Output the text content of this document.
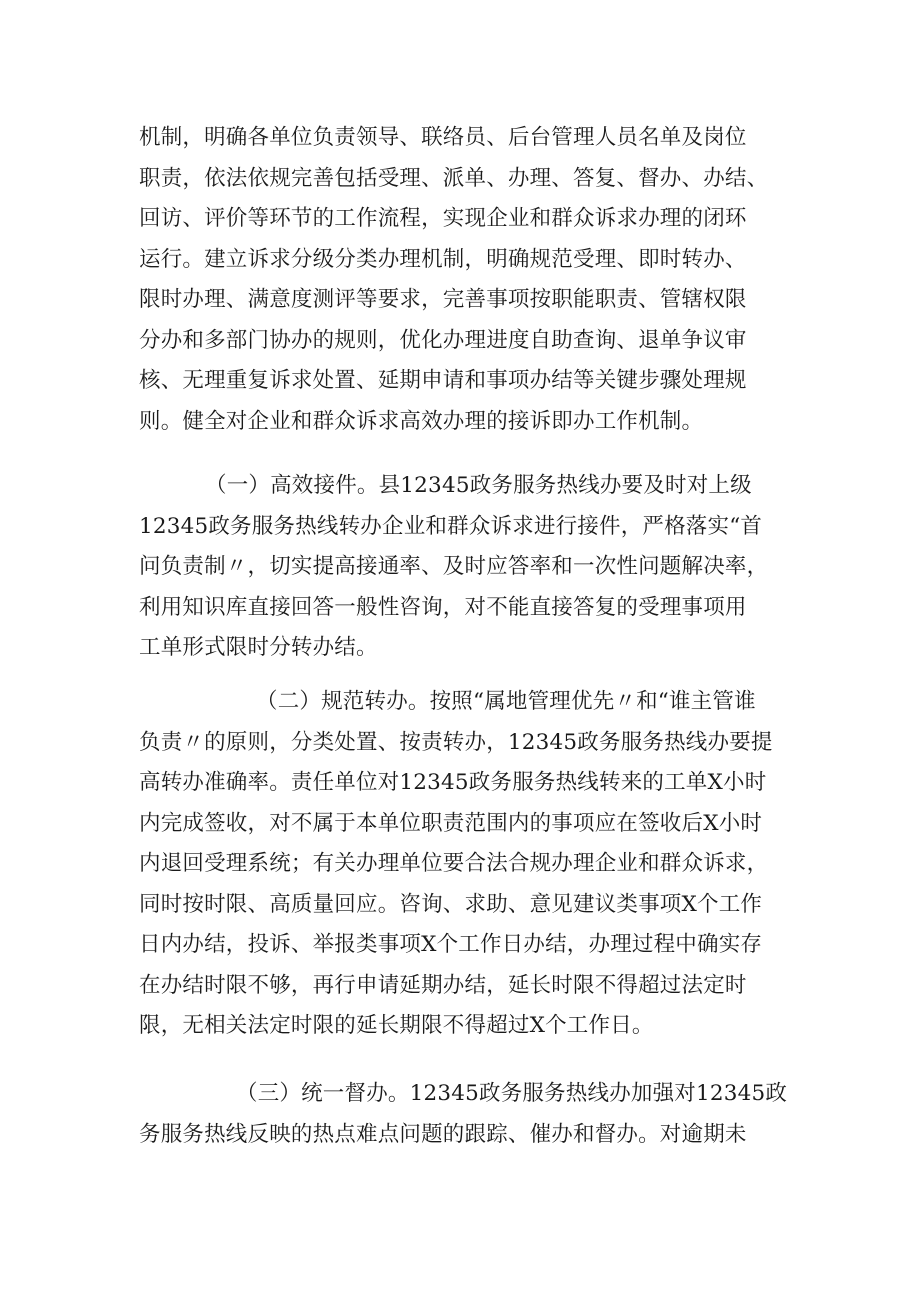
机制，明确各单位负责领导、联络员、后台管理人员名单及岗位
职责，依法依规完善包括受理、派单、办理、答复、督办、办结、
回访、评价等环节的工作流程，实现企业和群众诉求办理的闭环
运行。建立诉求分级分类办理机制，明确规范受理、即时转办、
限时办理、满意度测评等要求，完善事项按职能职责、管辖权限
分办和多部门协办的规则，优化办理进度自助查询、退单争议审
核、无理重复诉求处置、延期申请和事项办结等关键步骤处理规
则。健全对企业和群众诉求高效办理的接诉即办工作机制。
（一）高效接件。县12345政务服务热线办要及时对上级
12345政务服务热线转办企业和群众诉求进行接件，严格落实“首
问负责制〃，切实提高接通率、及时应答率和一次性问题解决率，
利用知识库直接回答一般性咨询，对不能直接答复的受理事项用
工单形式限时分转办结。
（二）规范转办。按照“属地管理优先〃和“谁主管谁
负责〃的原则，分类处置、按责转办，12345政务服务热线办要提
高转办准确率。责任单位对12345政务服务热线转来的工单X小时
内完成签收，对不属于本单位职责范围内的事项应在签收后X小时
内退回受理系统；有关办理单位要合法合规办理企业和群众诉求，
同时按时限、高质量回应。咨询、求助、意见建议类事项X个工作
日内办结，投诉、举报类事项X个工作日办结，办理过程中确实存
在办结时限不够，再行申请延期办结，延长时限不得超过法定时
限，无相关法定时限的延长期限不得超过X个工作日。
（三）统一督办。12345政务服务热线办加强对12345政
务服务热线反映的热点难点问题的跟踪、催办和督办。对逾期未
